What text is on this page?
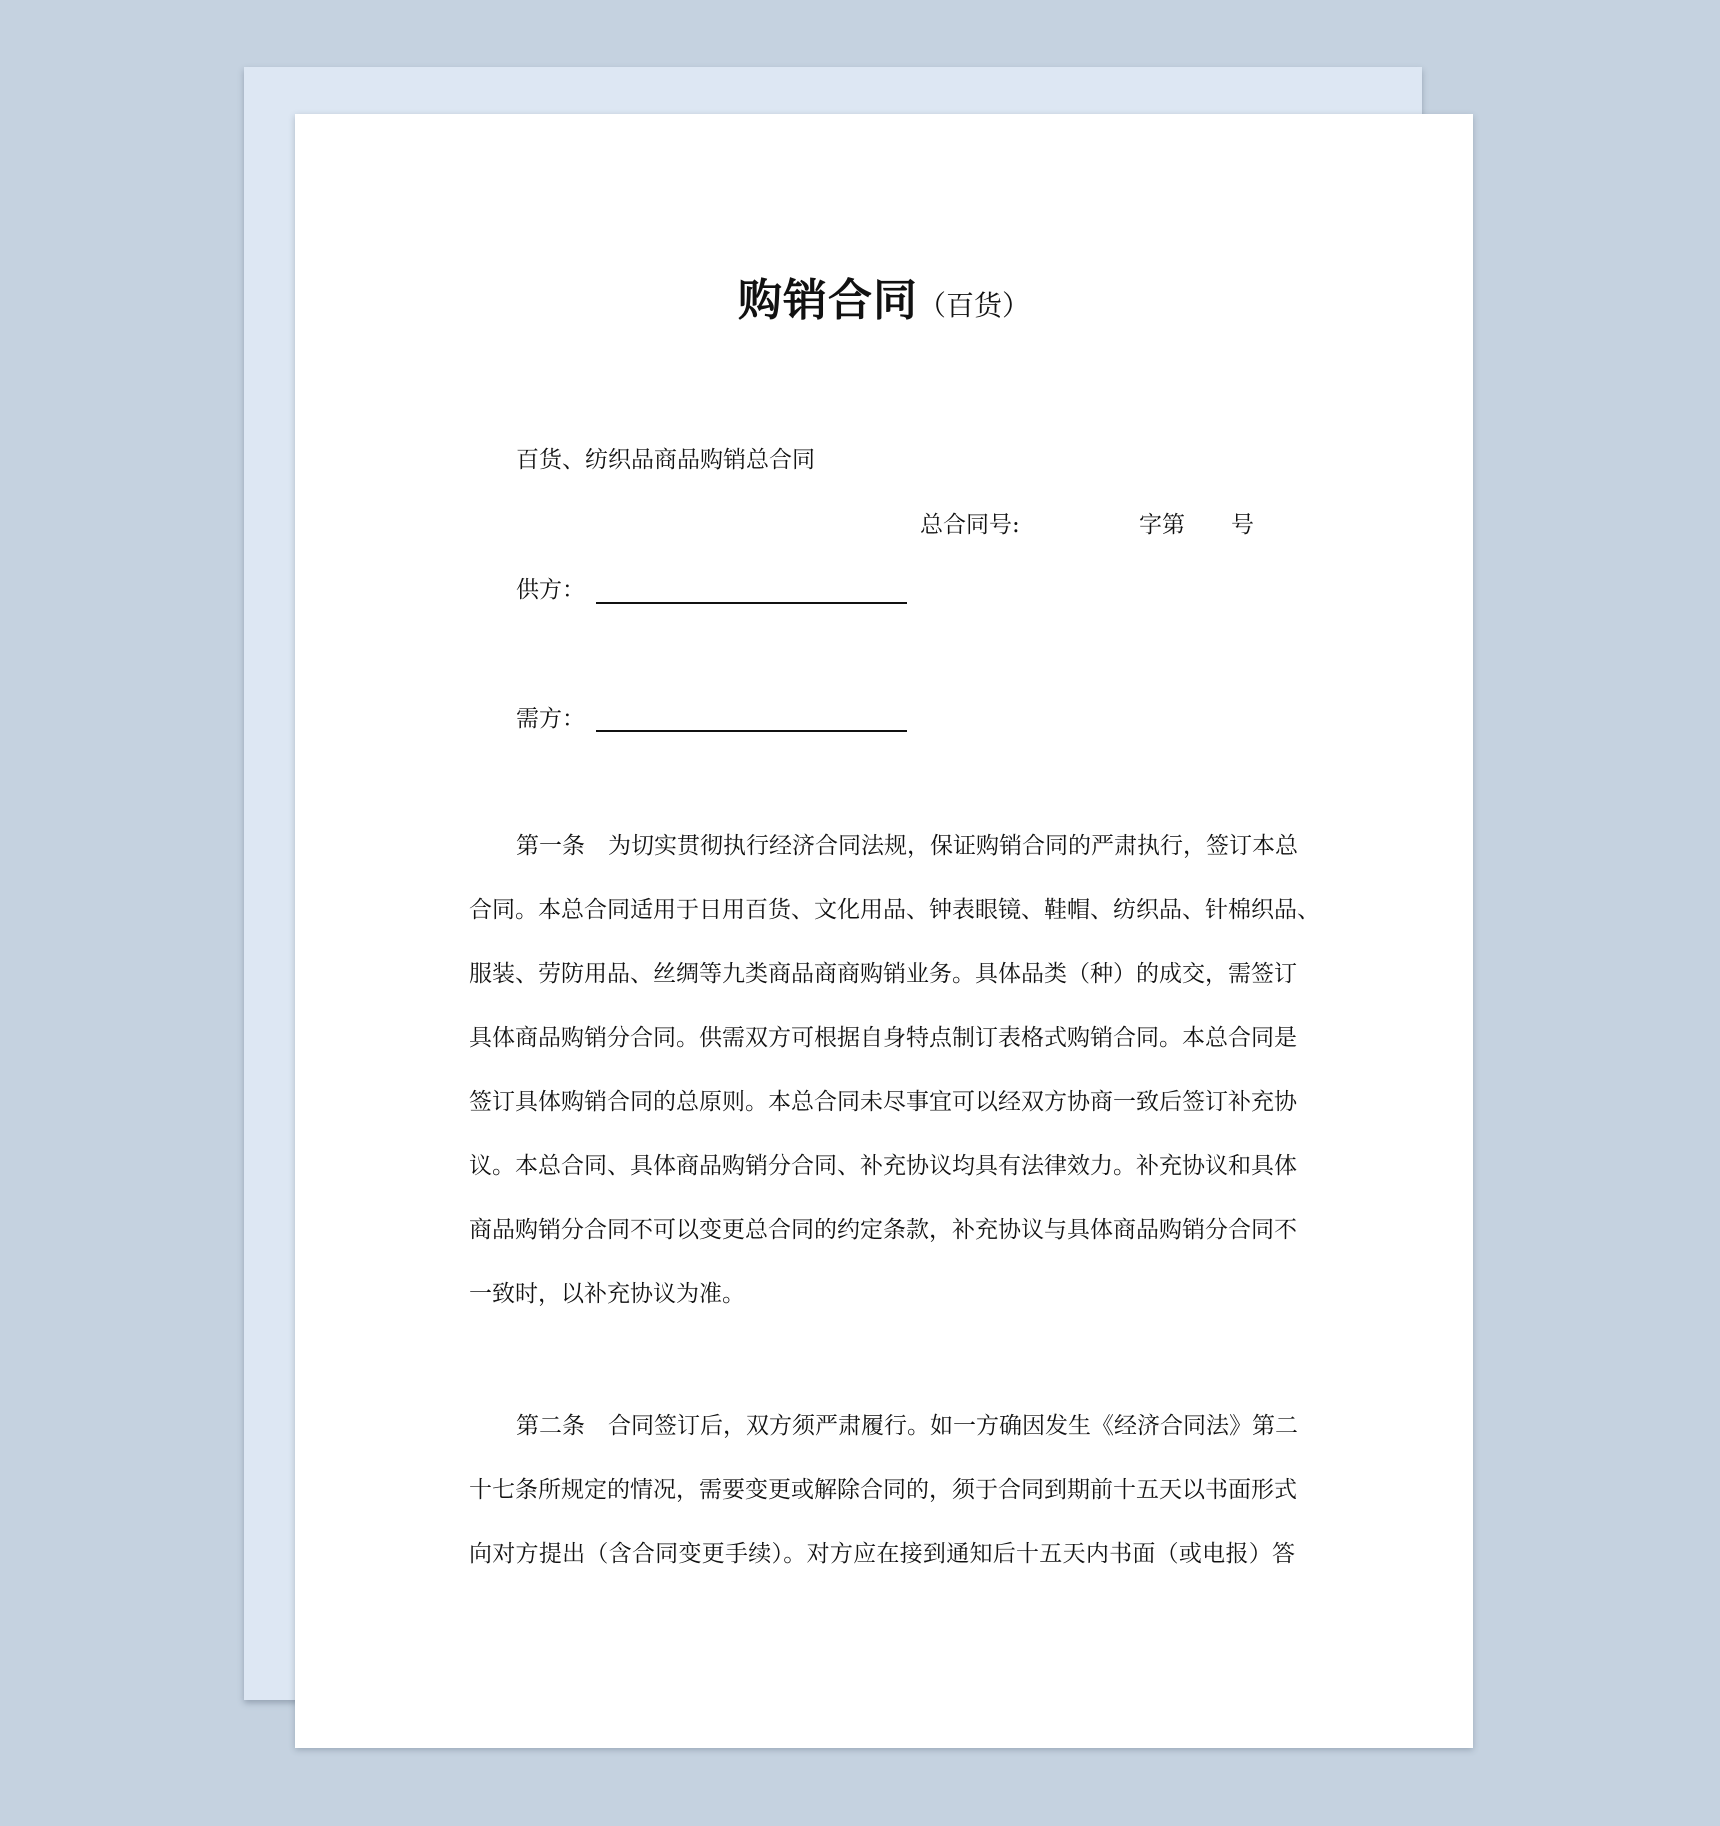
购销合同（百货）
百货、纺织品商品购销总合同
总合同号:	字第 号
供方：
需方：
第一条　为切实贯彻执行经济合同法规，保证购销合同的严肃执行，签订本总
合同。本总合同适用于日用百货、文化用品、钟表眼镜、鞋帽、纺织品、针棉织品、
服装、劳防用品、丝绸等九类商品商商购销业务。具体品类（种）的成交，需签订
具体商品购销分合同。供需双方可根据自身特点制订表格式购销合同。本总合同是
签订具体购销合同的总原则。本总合同未尽事宜可以经双方协商一致后签订补充协
议。本总合同、具体商品购销分合同、补充协议均具有法律效力。补充协议和具体
商品购销分合同不可以变更总合同的约定条款，补充协议与具体商品购销分合同不
一致时，以补充协议为准。
第二条　合同签订后，双方须严肃履行。如一方确因发生《经济合同法》第二
十七条所规定的情况，需要变更或解除合同的，须于合同到期前十五天以书面形式
向对方提出（含合同变更手续）。对方应在接到通知后十五天内书面（或电报）答
